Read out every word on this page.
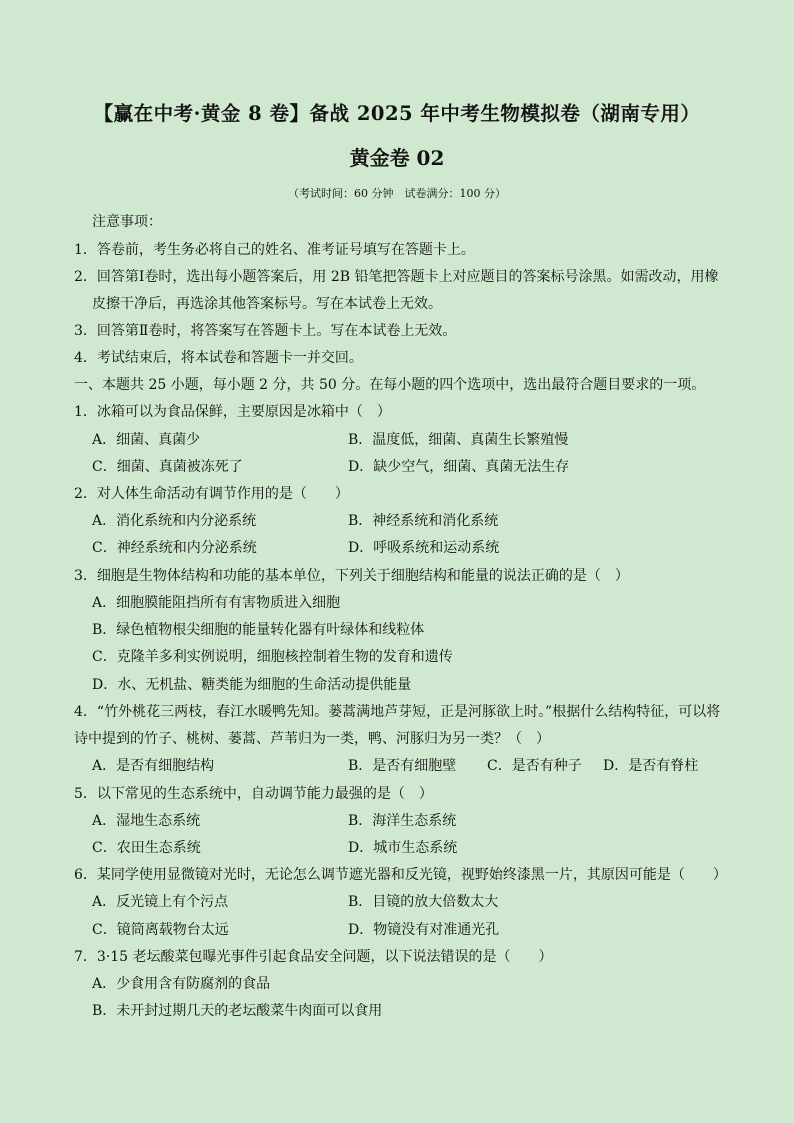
【赢在中考·黄金 8 卷】备战 2025 年中考生物模拟卷（湖南专用）
黄金卷 02
（考试时间：60 分钟　试卷满分：100 分）
注意事项：
1．答卷前，考生务必将自己的姓名、准考证号填写在答题卡上。
2．回答第Ⅰ卷时，选出每小题答案后，用 2B 铅笔把答题卡上对应题目的答案标号涂黑。如需改动，用橡
皮擦干净后，再选涂其他答案标号。写在本试卷上无效。
3．回答第Ⅱ卷时，将答案写在答题卡上。写在本试卷上无效。
4．考试结束后，将本试卷和答题卡一并交回。
一、本题共 25 小题，每小题 2 分，共 50 分。在每小题的四个选项中，选出最符合题目要求的一项。
1．冰箱可以为食品保鲜，主要原因是冰箱中（　）
A．细菌、真菌少	B．温度低，细菌、真菌生长繁殖慢
C．细菌、真菌被冻死了	D．缺少空气，细菌、真菌无法生存
2．对人体生命活动有调节作用的是（　　）
A．消化系统和内分泌系统	B．神经系统和消化系统
C．神经系统和内分泌系统	D．呼吸系统和运动系统
3．细胞是生物体结构和功能的基本单位，下列关于细胞结构和能量的说法正确的是（　）
A．细胞膜能阻挡所有有害物质进入细胞
B．绿色植物根尖细胞的能量转化器有叶绿体和线粒体
C．克隆羊多利实例说明，细胞核控制着生物的发育和遗传
D．水、无机盐、糖类能为细胞的生命活动提供能量
4．“竹外桃花三两枝，春江水暖鸭先知。蒌蒿满地芦芽短，正是河豚欲上时。”根据什么结构特征，可以将
诗中提到的竹子、桃树、蒌蒿、芦苇归为一类，鸭、河豚归为另一类？（　）
A．是否有细胞结构	B．是否有细胞壁 C．是否有种子 D．是否有脊柱
5．以下常见的生态系统中，自动调节能力最强的是（　）
A．湿地生态系统	B．海洋生态系统
C．农田生态系统	D．城市生态系统
6．某同学使用显微镜对光时，无论怎么调节遮光器和反光镜，视野始终漆黑一片，其原因可能是（　　）
A．反光镜上有个污点	B．目镜的放大倍数太大
C．镜筒离载物台太远	D．物镜没有对准通光孔
7．3·15 老坛酸菜包曝光事件引起食品安全问题，以下说法错误的是（　　）
A．少食用含有防腐剂的食品
B．未开封过期几天的老坛酸菜牛肉面可以食用
